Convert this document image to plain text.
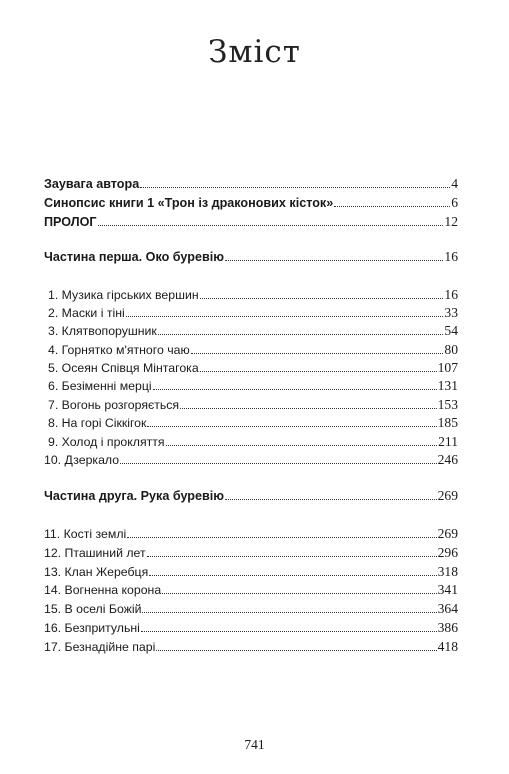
Зміст
Заувага автора	4
Синопсис книги 1 «Трон із драконових кісток»	6
ПРОЛОГ	12
Частина перша. Око буревію	16
1. Музика гірських вершин	16
2. Маски і тіні	33
3. Клятвопорушник	54
4. Горнятко м'ятного чаю	80
5. Осеян Співця Мінтагока	107
6. Безіменні мерці	131
7. Вогонь розгоряється	153
8. На горі Сіккігок	185
9. Холод і прокляття	211
10. Дзеркало	246
Частина друга. Рука буревію	269
11. Кості землі	269
12. Пташиний лет	296
13. Клан Жеребця	318
14. Вогненна корона	341
15. В оселі Божій	364
16. Безпритульні	386
17. Безнадійне парі	418
741
